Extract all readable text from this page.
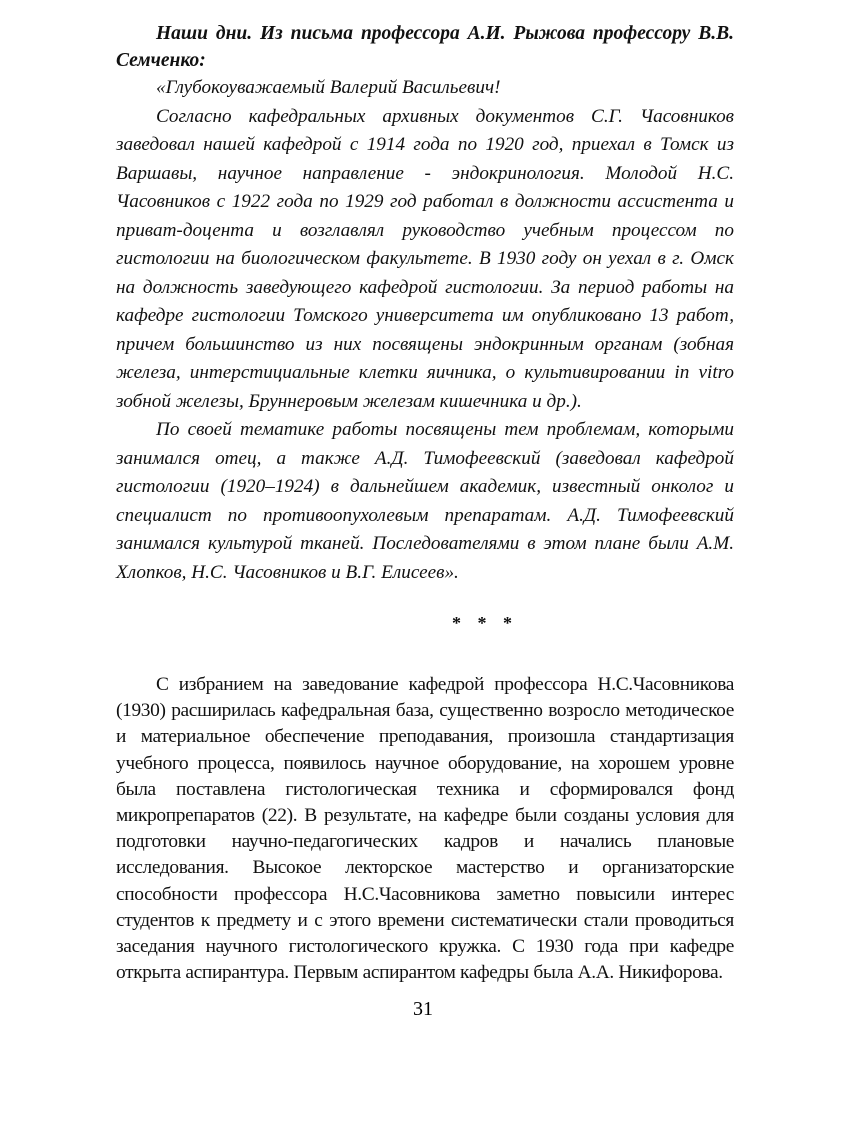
Наши дни. Из письма профессора А.И. Рыжова профессору В.В. Семченко:

«Глубокоуважаемый Валерий Васильевич!

Согласно кафедральных архивных документов С.Г. Часовников заведовал нашей кафедрой с 1914 года по 1920 год, приехал в Томск из Варшавы, научное направление - эндокринология. Молодой Н.С. Часовников с 1922 года по 1929 год работал в должности ассистента и приват-доцента и возглавлял руководство учебным процессом по гистологии на биологическом факультете. В 1930 году он уехал в г. Омск на должность заведующего кафедрой гистологии. За период работы на кафедре гистологии Томского университета им опубликовано 13 работ, причем большинство из них посвящены эндокринным органам (зобная железа, интерстициальные клетки яичника, о культивировании in vitro зобной железы, Бруннеровым железам кишечника и др.).

По своей тематике работы посвящены тем проблемам, которыми занимался отец, а также А.Д. Тимофеевский (заведовал кафедрой гистологии (1920–1924) в дальнейшем академик, известный онколог и специалист по противоопухолевым препаратам. А.Д. Тимофеевский занимался культурой тканей. Последователями в этом плане были А.М. Хлопков, Н.С. Часовников и В.Г. Елисеев».

* * *

С избранием на заведование кафедрой профессора Н.С.Часовникова (1930) расширилась кафедральная база, существенно возросло методическое и материальное обеспечение преподавания, произошла стандартизация учебного процесса, появилось научное оборудование, на хорошем уровне была поставлена гистологическая техника и сформировался фонд микропрепаратов (22). В результате, на кафедре были созданы условия для подготовки научно-педагогических кадров и начались плановые исследования. Высокое лекторское мастерство и организаторские способности профессора Н.С.Часовникова заметно повысили интерес студентов к предмету и с этого времени систематически стали проводиться заседания научного гистологического кружка. С 1930 года при кафедре открыта аспирантура. Первым аспирантом кафедры была А.А. Никифорова.

31
